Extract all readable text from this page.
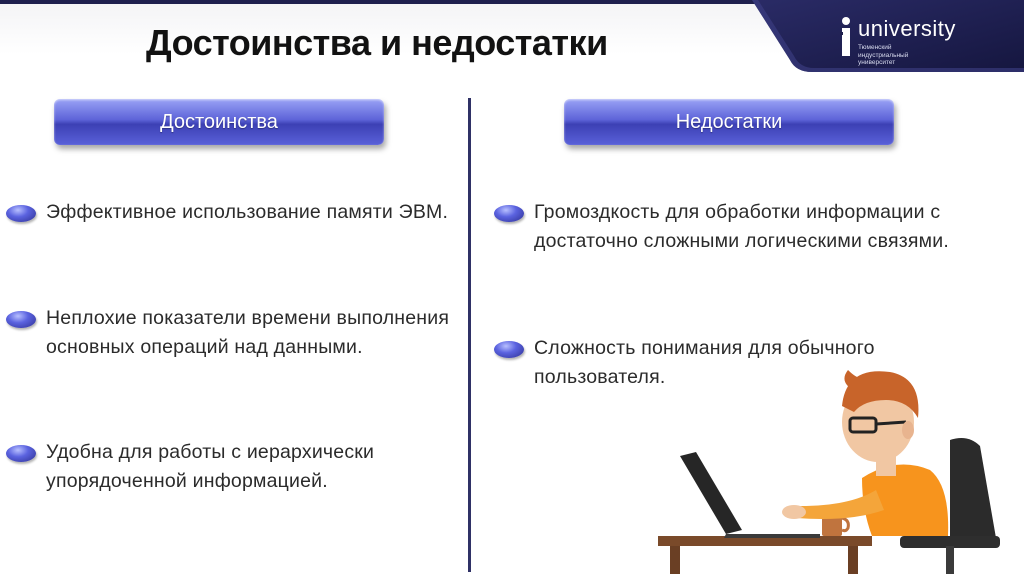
university
Тюменский индустриальный университет
Достоинства и недостатки
Достоинства	Недостатки
Эффективное использование памяти ЭВМ.
Неплохие показатели времени выполнения основных операций над данными.
Удобна для работы с иерархически упорядоченной информацией.
Громоздкость для обработки информации с достаточно сложными логическими связями.
Сложность понимания для обычного пользователя.
